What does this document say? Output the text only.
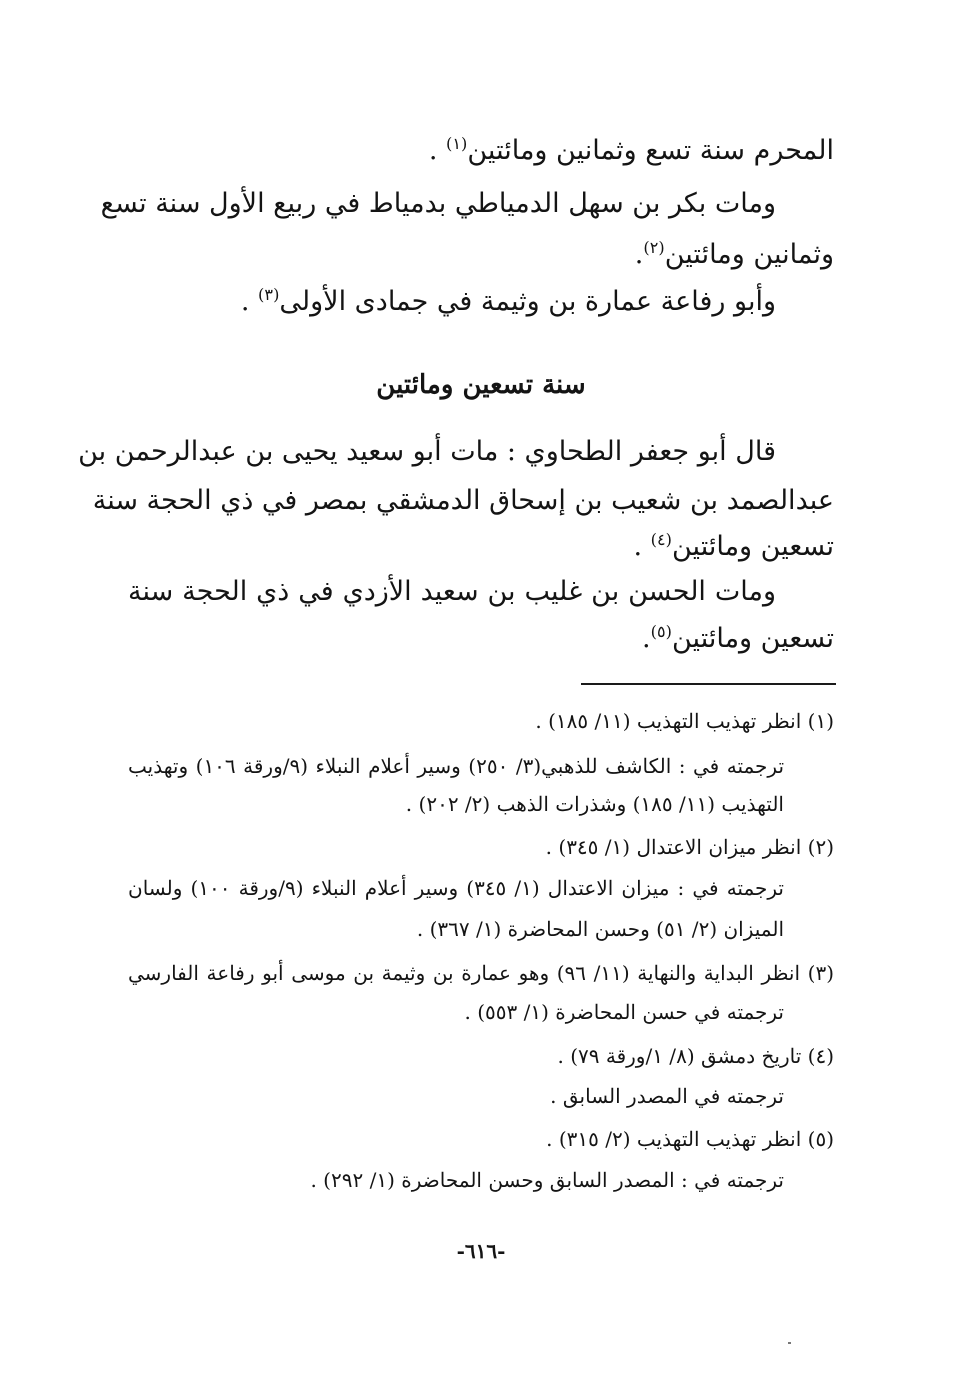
المحرم سنة تسع وثمانين ومائتين$^{(١)}$ .
ومات بكر بن سهل الدمياطي بدمياط في ربيع الأول سنة تسع
وثمانين ومائتين$^{(٢)}$.
وأبو رفاعة عمارة بن وثيمة في جمادى الأولى$^{(٣)}$ .
سنة تسعين ومائتين
قال أبو جعفر الطحاوي : مات أبو سعيد يحيى بن عبدالرحمن بن
عبدالصمد بن شعيب بن إسحاق الدمشقي بمصر في ذي الحجة سنة
تسعين ومائتين$^{(٤)}$ .
ومات الحسن بن غليب بن سعيد الأزدي في ذي الحجة سنة
تسعين ومائتين$^{(٥)}$.
(١) انظر تهذيب التهذيب (١١/ ١٨٥) .
ترجمته في : الكاشف للذهبي(٣/ ٢٥٠) وسير أعلام النبلاء (٩/ورقة ١٠٦) وتهذيب
التهذيب (١١/ ١٨٥) وشذرات الذهب (٢/ ٢٠٢) .
(٢) انظر ميزان الاعتدال (١/ ٣٤٥) .
ترجمته في : ميزان الاعتدال (١/ ٣٤٥) وسير أعلام النبلاء (٩/ورقة ١٠٠) ولسان
الميزان (٢/ ٥١) وحسن المحاضرة (١/ ٣٦٧) .
(٣) انظر البداية والنهاية (١١/ ٩٦) وهو عمارة بن وثيمة بن موسى أبو رفاعة الفارسي
ترجمته في حسن المحاضرة (١/ ٥٥٣) .
(٤) تاريخ دمشق (٨/ ١/ورقة ٧٩) .
ترجمته في المصدر السابق .
(٥) انظر تهذيب التهذيب (٢/ ٣١٥) .
ترجمته في : المصدر السابق وحسن المحاضرة (١/ ٢٩٢) .
-٦١٦-
